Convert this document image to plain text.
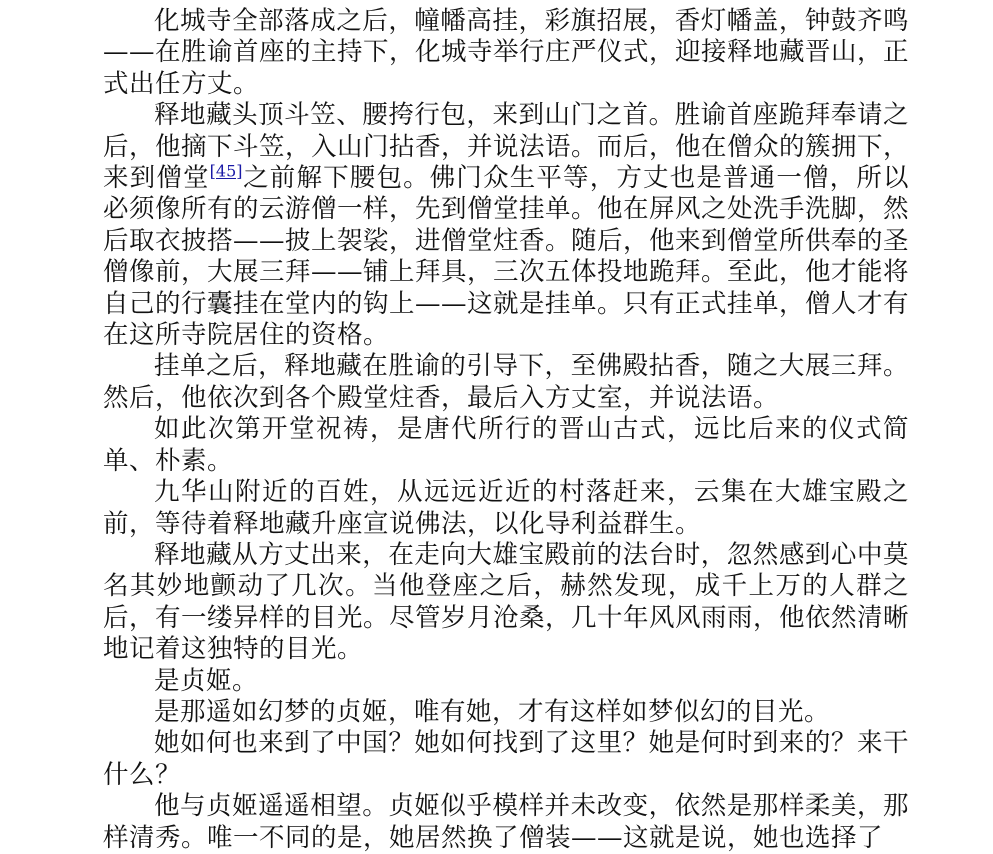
化城寺全部落成之后，幢幡高挂，彩旗招展，香灯幡盖，钟鼓齐鸣——在胜谕首座的主持下，化城寺举行庄严仪式，迎接释地藏晋山，正式出任方丈。

释地藏头顶斗笠、腰挎行包，来到山门之首。胜谕首座跪拜奉请之后，他摘下斗笠，入山门拈香，并说法语。而后，他在僧众的簇拥下，来到僧堂[45]之前解下腰包。佛门众生平等，方丈也是普通一僧，所以必须像所有的云游僧一样，先到僧堂挂单。他在屏风之处洗手洗脚，然后取衣披搭——披上袈裟，进僧堂炷香。随后，他来到僧堂所供奉的圣僧像前，大展三拜——铺上拜具，三次五体投地跪拜。至此，他才能将自己的行囊挂在堂内的钩上——这就是挂单。只有正式挂单，僧人才有在这所寺院居住的资格。

挂单之后，释地藏在胜谕的引导下，至佛殿拈香，随之大展三拜。然后，他依次到各个殿堂炷香，最后入方丈室，并说法语。

如此次第开堂祝祷，是唐代所行的晋山古式，远比后来的仪式简单、朴素。

九华山附近的百姓，从远远近近的村落赶来，云集在大雄宝殿之前，等待着释地藏升座宣说佛法，以化导利益群生。

释地藏从方丈出来，在走向大雄宝殿前的法台时，忽然感到心中莫名其妙地颤动了几次。当他登座之后，赫然发现，成千上万的人群之后，有一缕异样的目光。尽管岁月沧桑，几十年风风雨雨，他依然清晰地记着这独特的目光。

是贞姬。

是那遥如幻梦的贞姬，唯有她，才有这样如梦似幻的目光。

她如何也来到了中国？她如何找到了这里？她是何时到来的？来干什么？

他与贞姬遥遥相望。贞姬似乎模样并未改变，依然是那样柔美，那样清秀。唯一不同的是，她居然换了僧装——这就是说，她也选择了
